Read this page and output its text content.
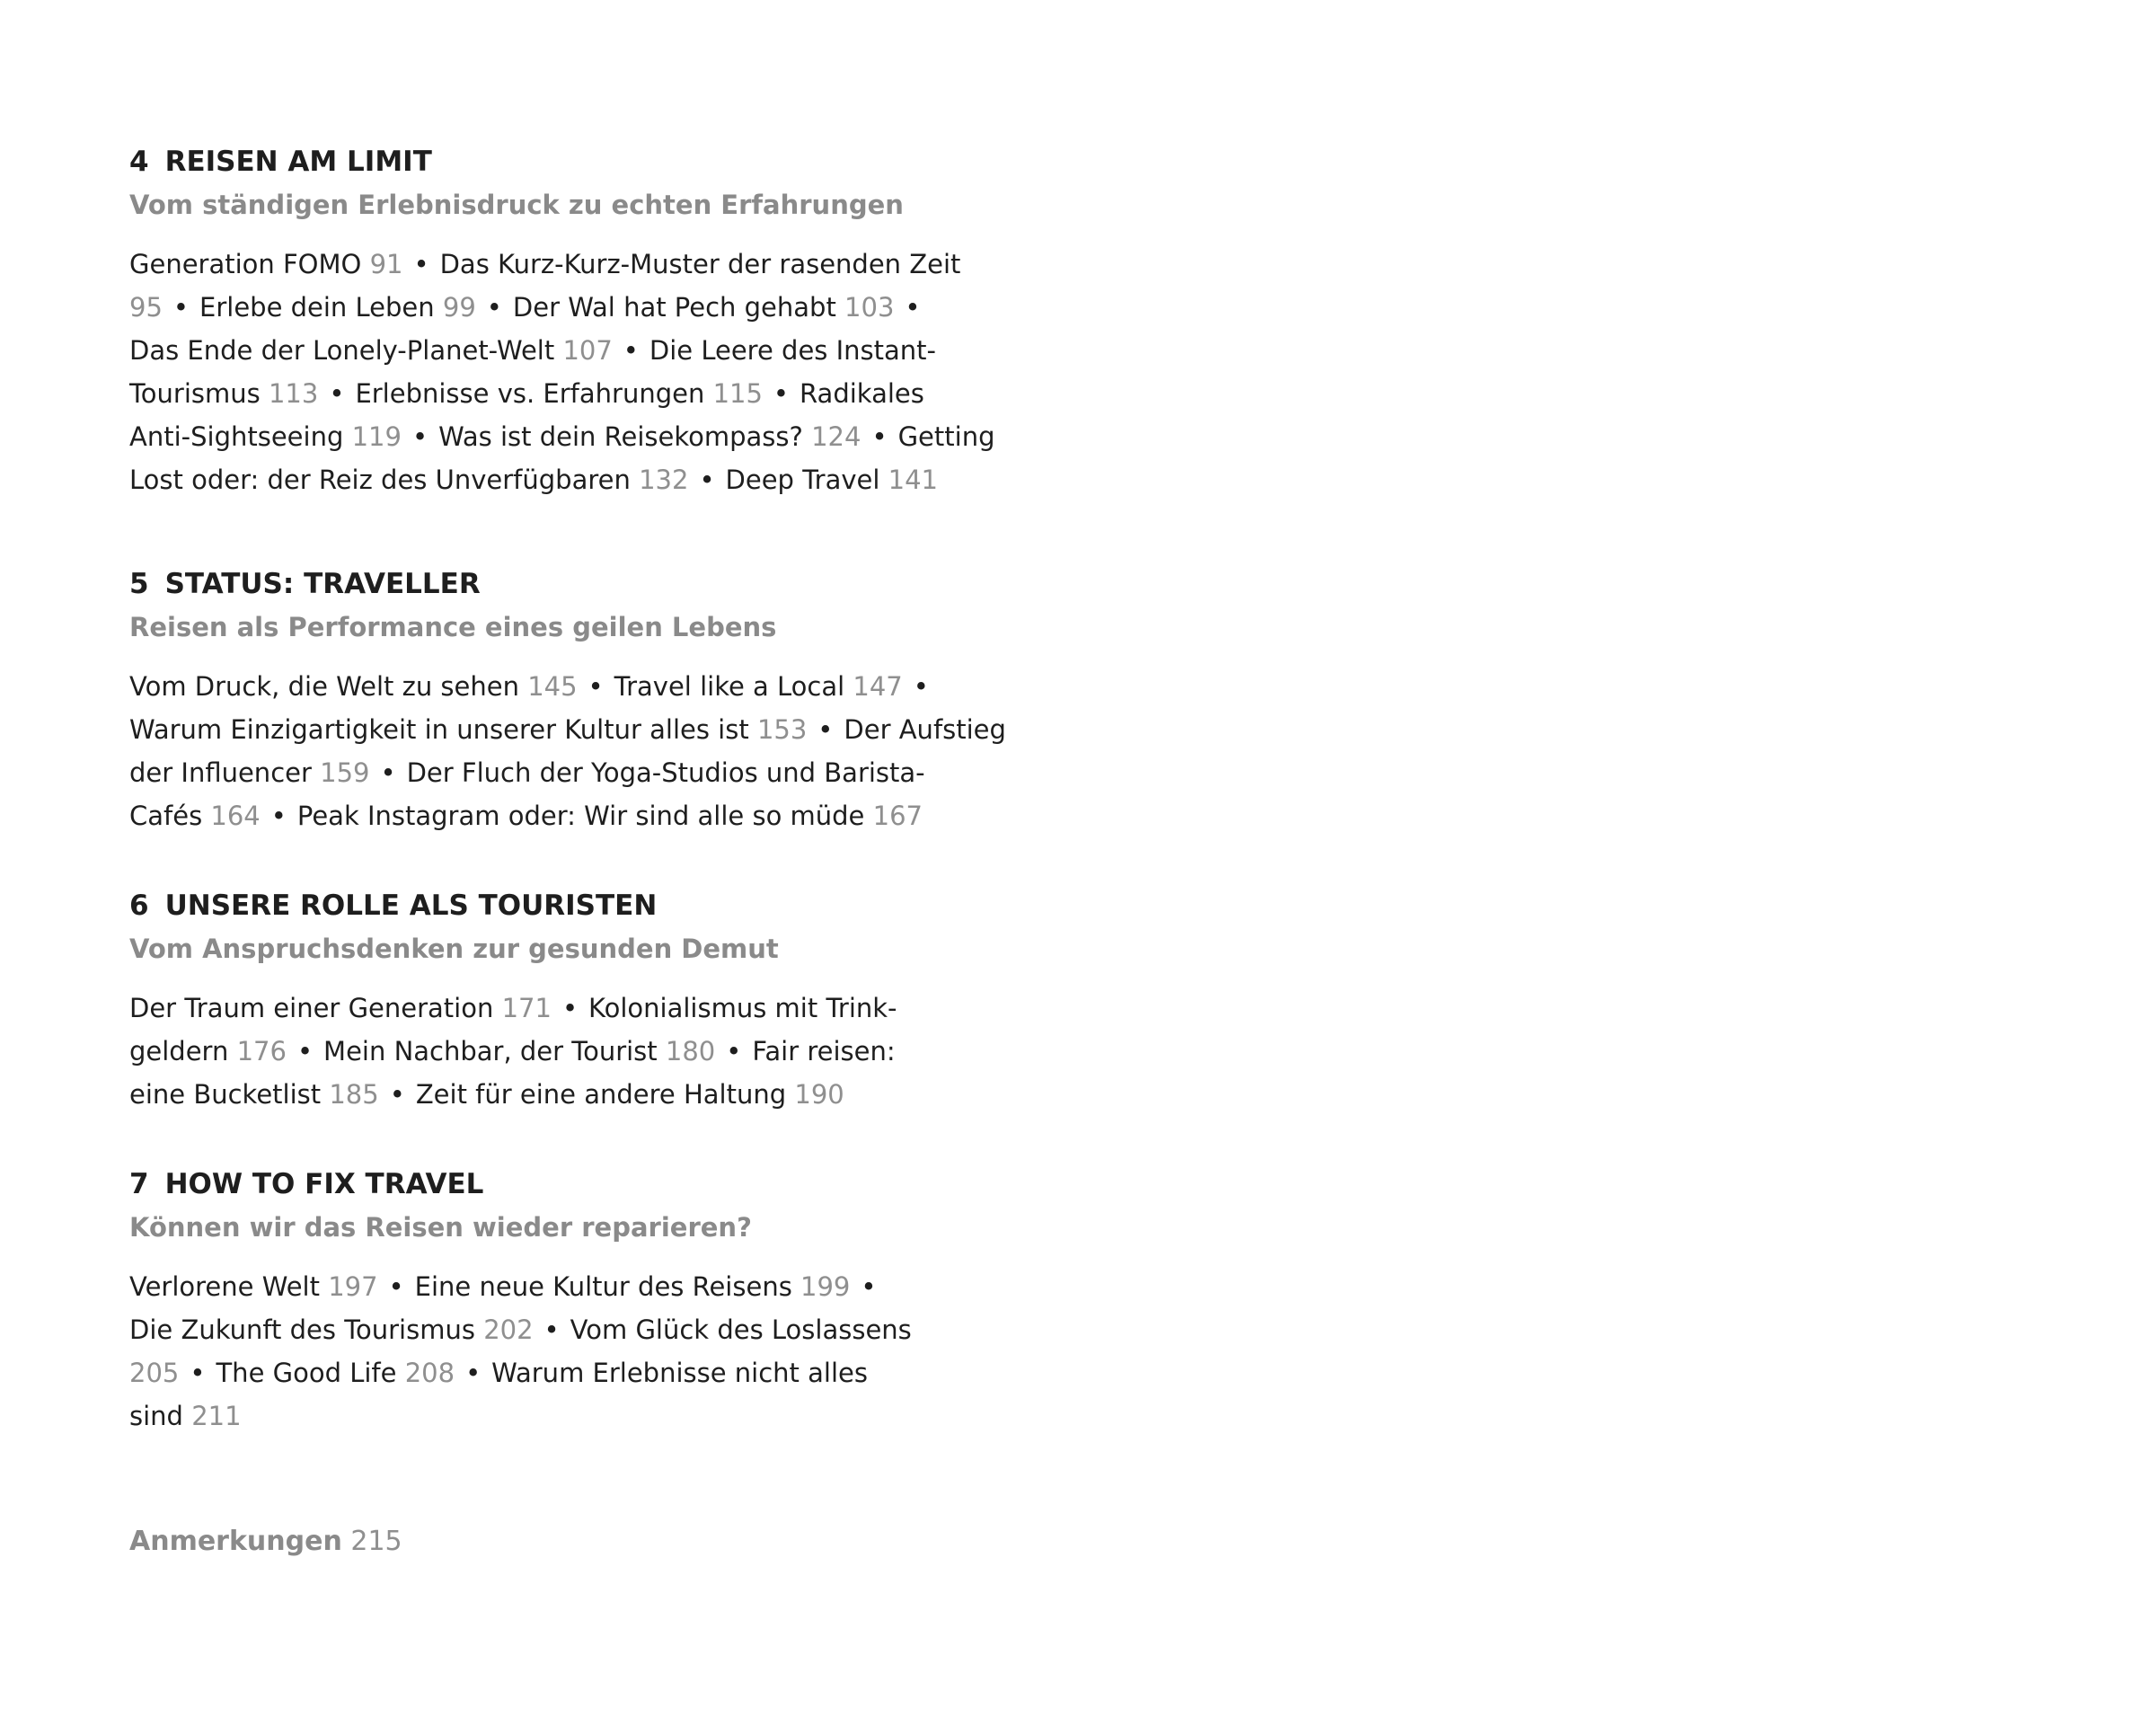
4 REISEN AM LIMIT
Vom ständigen Erlebnisdruck zu echten Erfahrungen
Generation FOMO 91 • Das Kurz-Kurz-Muster der rasenden Zeit
95 • Erlebe dein Leben 99 • Der Wal hat Pech gehabt 103 •
Das Ende der Lonely-Planet-Welt 107 • Die Leere des Instant-
Tourismus 113 • Erlebnisse vs. Erfahrungen 115 • Radikales
Anti-Sightseeing 119 • Was ist dein Reisekompass? 124 • Getting
Lost oder: der Reiz des Unverfügbaren 132 • Deep Travel 141
5 STATUS: TRAVELLER
Reisen als Performance eines geilen Lebens
Vom Druck, die Welt zu sehen 145 • Travel like a Local 147 •
Warum Einzigartigkeit in unserer Kultur alles ist 153 • Der Aufstieg
der Influencer 159 • Der Fluch der Yoga-Studios und Barista-
Cafés 164 • Peak Instagram oder: Wir sind alle so müde 167
6 UNSERE ROLLE ALS TOURISTEN
Vom Anspruchsdenken zur gesunden Demut
Der Traum einer Generation 171 • Kolonialismus mit Trink-
geldern 176 • Mein Nachbar, der Tourist 180 • Fair reisen:
eine Bucketlist 185 • Zeit für eine andere Haltung 190
7 HOW TO FIX TRAVEL
Können wir das Reisen wieder reparieren?
Verlorene Welt 197 • Eine neue Kultur des Reisens 199 •
Die Zukunft des Tourismus 202 • Vom Glück des Loslassens
205 • The Good Life 208 • Warum Erlebnisse nicht alles
sind 211
Anmerkungen 215
